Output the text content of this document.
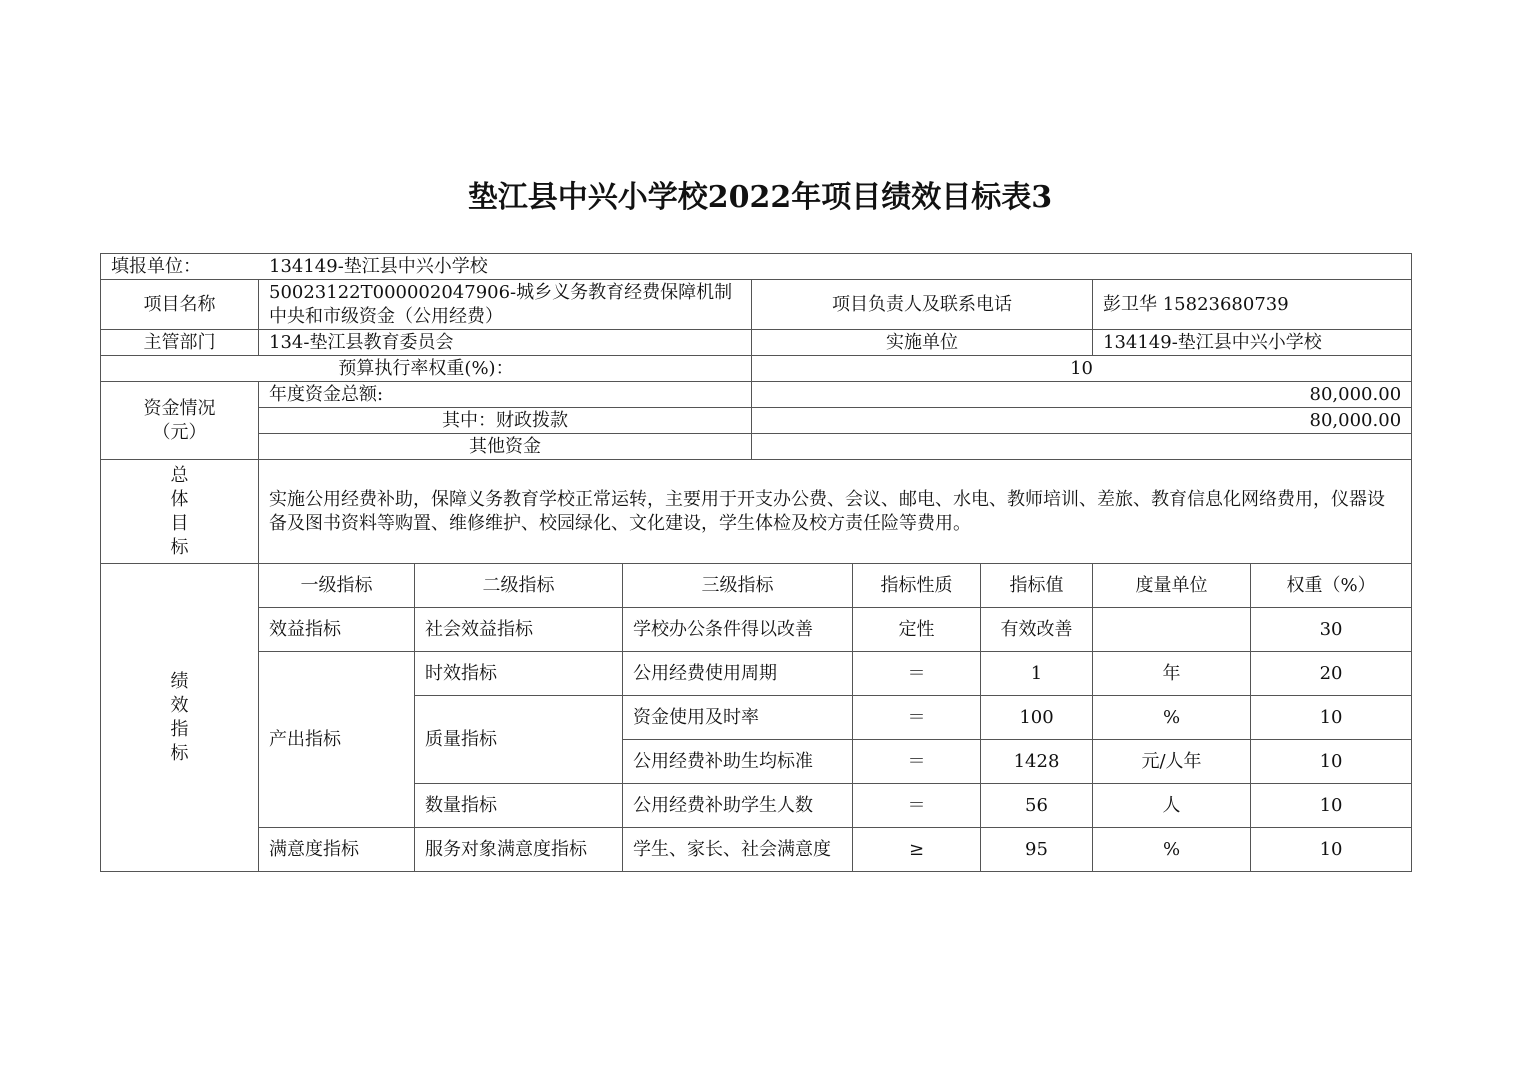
垫江县中兴小学校2022年项目绩效目标表3
填报单位： 134149-垫江县中兴小学校								
项目名称	50023122T000002047906-城乡义务教育经费保障机制中央和市级资金（公用经费）			项目负责人及联系电话			彭卫华 15823680739	
主管部门	134-垫江县教育委员会			实施单位			134149-垫江县中兴小学校	
预算执行率权重(%)：				10				

资金情况
（元）	年度资金总额:			80,000.00				
	其中：财政拨款			80,000.00				
	其他资金							

总
体
目
标	实施公用经费补助，保障义务教育学校正常运转，主要用于开支办公费、会议、邮电、水电、教师培训、差旅、教育信息化网络费用，仪器设备及图书资料等购置、维修维护、校园绿化、文化建设，学生体检及校方责任险等费用。							

绩
效
指
标	一级指标	二级指标	三级指标		指标性质	指标值	度量单位	权重（%）
	效益指标	社会效益指标	学校办公条件得以改善		定性	有效改善		30
	产出指标	时效指标	公用经费使用周期		＝	1	年	20
		质量指标	资金使用及时率		＝	100	%	10
			公用经费补助生均标准		＝	1428	元/人年	10
		数量指标	公用经费补助学生人数		＝	56	人	10
	满意度指标	服务对象满意度指标	学生、家长、社会满意度		≥	95	%	10
